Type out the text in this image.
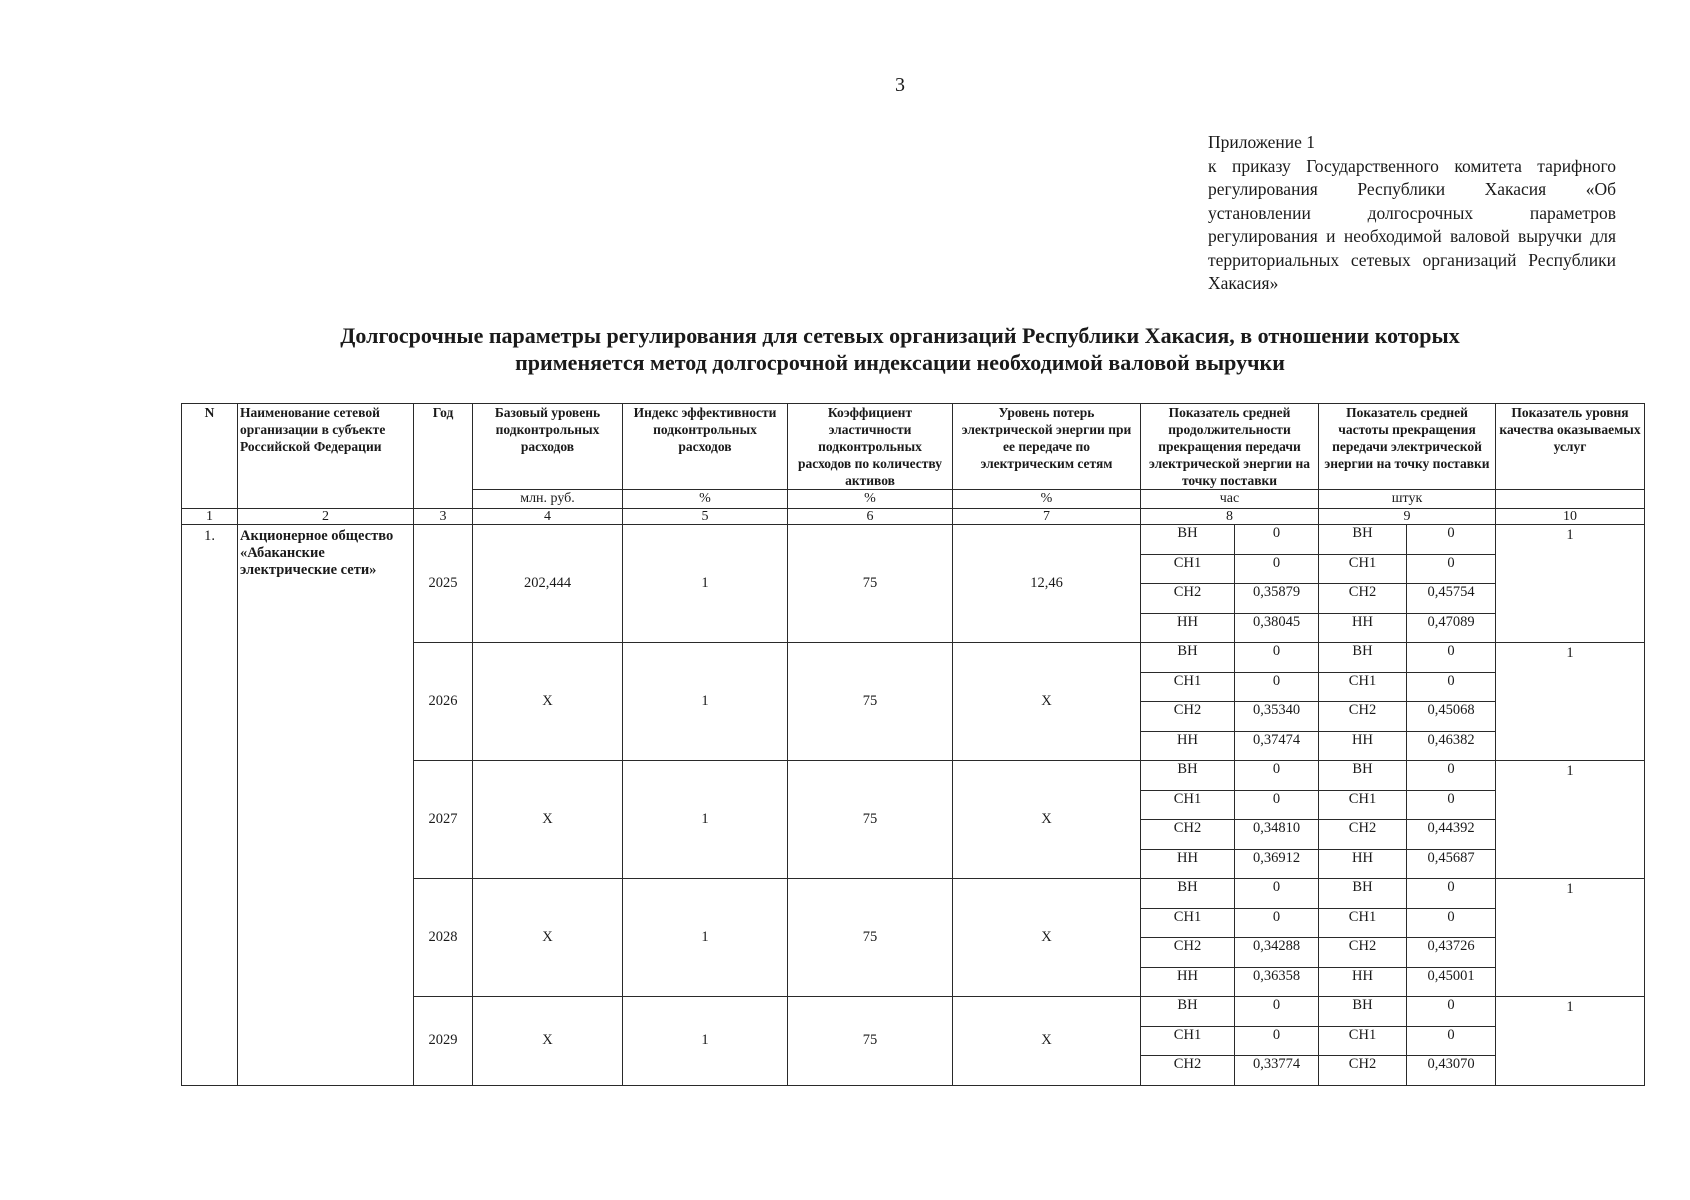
3
Приложение 1
к приказу Государственного комитета тарифного регулирования Республики Хакасия «Об установлении долгосрочных параметров регулирования и необходимой валовой выручки для территориальных сетевых организаций Республики Хакасия»
Долгосрочные параметры регулирования для сетевых организаций Республики Хакасия, в отношении которых
применяется метод долгосрочной индексации необходимой валовой выручки
N	Наименование сетевой организации в субъекте Российской Федерации	Год	Базовый уровень подконтрольных расходов	Индекс эффективности подконтрольных расходов	Коэффициент эластичности подконтрольных расходов по количеству активов	Уровень потерь электрической энергии при ее передаче по электрическим сетям	Показатель средней продолжительности прекращения передачи электрической энергии на точку поставки		Показатель средней частоты прекращения передачи электрической энергии на точку поставки		Показатель уровня качества оказываемых услуг
			млн. руб.	%	%	%	час		штук		
1	2	3	4	5	6	7	8		9		10
1.	Акционерное общество «Абаканские электрические сети»	2025	202,444	1	75	12,46	ВН	0	ВН	0	1
							СН1	0	СН1	0	
							СН2	0,35879	СН2	0,45754	
							НН	0,38045	НН	0,47089	
		2026	X	1	75	X	ВН	0	ВН	0	1
							СН1	0	СН1	0	
							СН2	0,35340	СН2	0,45068	
							НН	0,37474	НН	0,46382	
		2027	X	1	75	X	ВН	0	ВН	0	1
							СН1	0	СН1	0	
							СН2	0,34810	СН2	0,44392	
							НН	0,36912	НН	0,45687	
		2028	X	1	75	X	ВН	0	ВН	0	1
							СН1	0	СН1	0	
							СН2	0,34288	СН2	0,43726	
							НН	0,36358	НН	0,45001	
		2029	X	1	75	X	ВН	0	ВН	0	1
							СН1	0	СН1	0	
							СН2	0,33774	СН2	0,43070	
